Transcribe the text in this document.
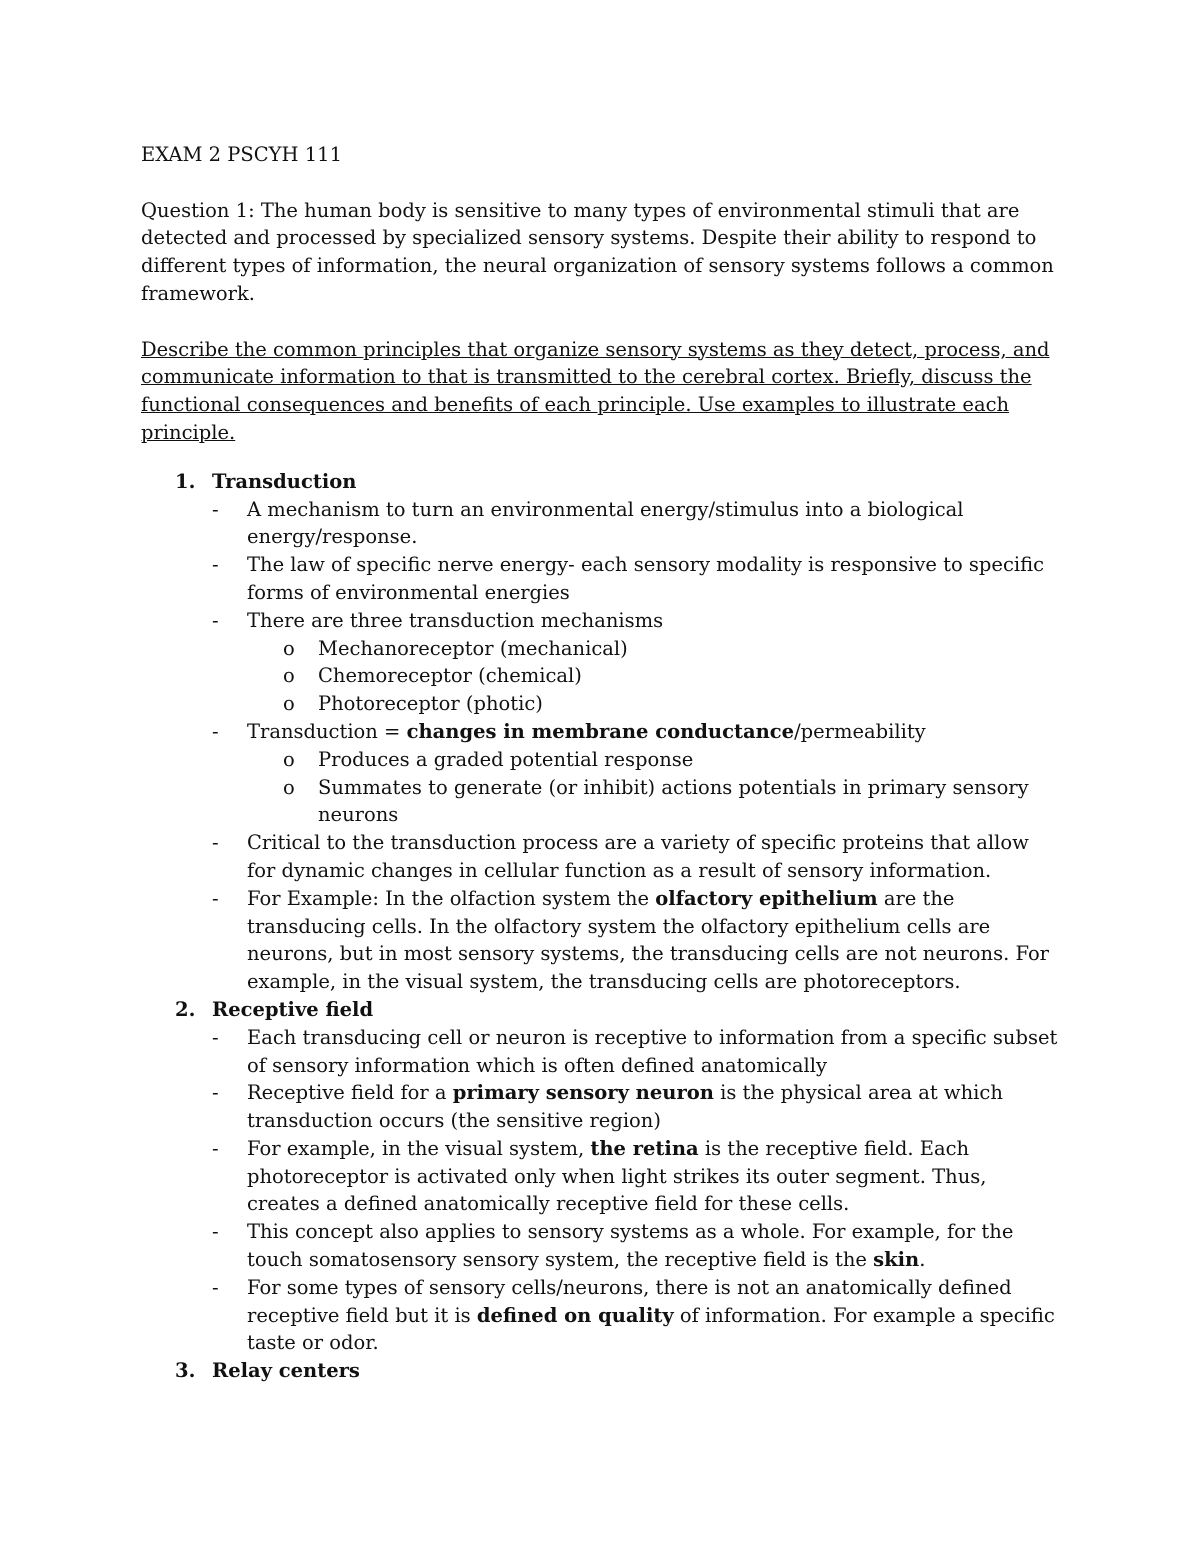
EXAM 2 PSCYH 111
Question 1: The human body is sensitive to many types of environmental stimuli that are detected and processed by specialized sensory systems. Despite their ability to respond to different types of information, the neural organization of sensory systems follows a common framework.
Describe the common principles that organize sensory systems as they detect, process, and communicate information to that is transmitted to the cerebral cortex. Briefly, discuss the functional consequences and benefits of each principle. Use examples to illustrate each principle.
1. Transduction
- A mechanism to turn an environmental energy/stimulus into a biological energy/response.
- The law of specific nerve energy- each sensory modality is responsive to specific forms of environmental energies
- There are three transduction mechanisms
o Mechanoreceptor (mechanical)
o Chemoreceptor (chemical)
o Photoreceptor (photic)
- Transduction = changes in membrane conductance/permeability
o Produces a graded potential response
o Summates to generate (or inhibit) actions potentials in primary sensory neurons
- Critical to the transduction process are a variety of specific proteins that allow for dynamic changes in cellular function as a result of sensory information.
- For Example: In the olfaction system the olfactory epithelium are the transducing cells. In the olfactory system the olfactory epithelium cells are neurons, but in most sensory systems, the transducing cells are not neurons. For example, in the visual system, the transducing cells are photoreceptors.
2. Receptive field
- Each transducing cell or neuron is receptive to information from a specific subset of sensory information which is often defined anatomically
- Receptive field for a primary sensory neuron is the physical area at which transduction occurs (the sensitive region)
- For example, in the visual system, the retina is the receptive field. Each photoreceptor is activated only when light strikes its outer segment. Thus, creates a defined anatomically receptive field for these cells.
- This concept also applies to sensory systems as a whole. For example, for the touch somatosensory sensory system, the receptive field is the skin.
- For some types of sensory cells/neurons, there is not an anatomically defined receptive field but it is defined on quality of information. For example a specific taste or odor.
3. Relay centers
